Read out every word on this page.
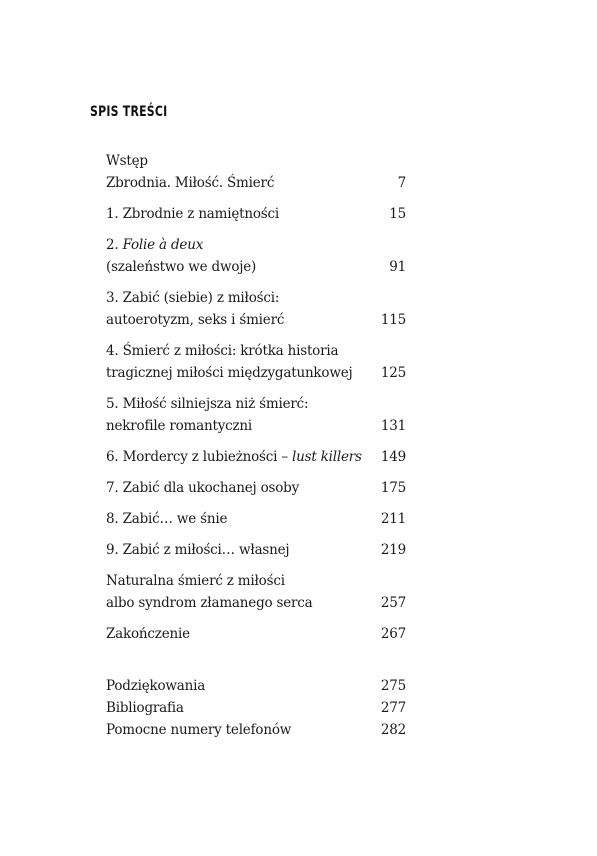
SPIS TREŚCI
Wstęp
Zbrodnia. Miłość. Śmierć	7
1. Zbrodnie z namiętności	15
2. Folie à deux
(szaleństwo we dwoje)	91
3. Zabić (siebie) z miłości:
autoerotyzm, seks i śmierć	115
4. Śmierć z miłości: krótka historia
tragicznej miłości międzygatunkowej	125
5. Miłość silniejsza niż śmierć:
nekrofile romantyczni	131
6. Mordercy z lubieżności – lust killers	149
7. Zabić dla ukochanej osoby	175
8. Zabić… we śnie	211
9. Zabić z miłości… własnej	219
Naturalna śmierć z miłości
albo syndrom złamanego serca	257
Zakończenie	267
Podziękowania	275
Bibliografia	277
Pomocne numery telefonów	282
